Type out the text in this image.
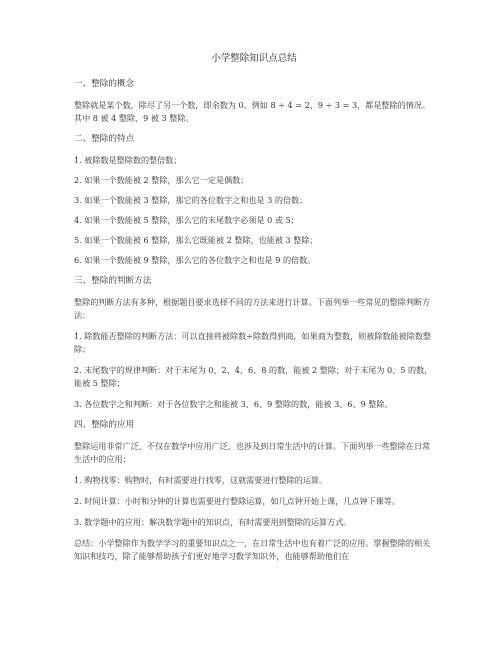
小学整除知识点总结
一、整除的概念
整除就是某个数，除尽了另一个数，即余数为 0。例如 8 ÷ 4 = 2、9 ÷ 3 = 3，都是整除的情况。其中 8 被 4 整除，9 被 3 整除。
二、整除的特点
1. 被除数是整除数的整倍数；
2. 如果一个数能被 2 整除，那么它一定是偶数；
3. 如果一个数能被 3 整除，那它的各位数字之和也是 3 的倍数；
4. 如果一个数能被 5 整除，那么它的末尾数字必须是 0 或 5；
5. 如果一个数能被 6 整除，那么它既能被 2 整除，也能被 3 整除；
6. 如果一个数能被 9 整除，那么它的各位数字之和也是 9 的倍数。
三、整除的判断方法
整除的判断方法有多种，根据题目要求选择不同的方法来进行计算。下面列举一些常见的整除判断方法：
1. 除数能否整除的判断方法：可以直接将被除数÷除数得到商，如果商为整数，则被除数能被除数整除；
2. 末尾数字的规律判断：对于末尾为 0、2、4、6、8 的数，能被 2 整除；对于末尾为 0、5 的数，能被 5 整除；
3. 各位数字之和判断：对于各位数字之和能被 3、6、9 整除的数，能被 3、6、9 整除。
四、整除的应用
整除运用非常广泛，不仅在数学中应用广泛，也涉及到日常生活中的计算。下面列举一些整除在日常生活中的应用：
1. 购物找零：购物时，有时需要进行找零，这就需要进行整除的运算。
2. 时间计算：小时和分钟的计算也需要进行整除运算，如几点钟开始上课，几点钟下课等。
3. 数学题中的应用：解决数学题中的知识点，有时需要用到整除的运算方式。
总结：小学整除作为数学学习的重要知识点之一，在日常生活中也有着广泛的应用。掌握整除的相关知识和技巧，除了能够帮助孩子们更好地学习数学知识外，也能够帮助他们在
